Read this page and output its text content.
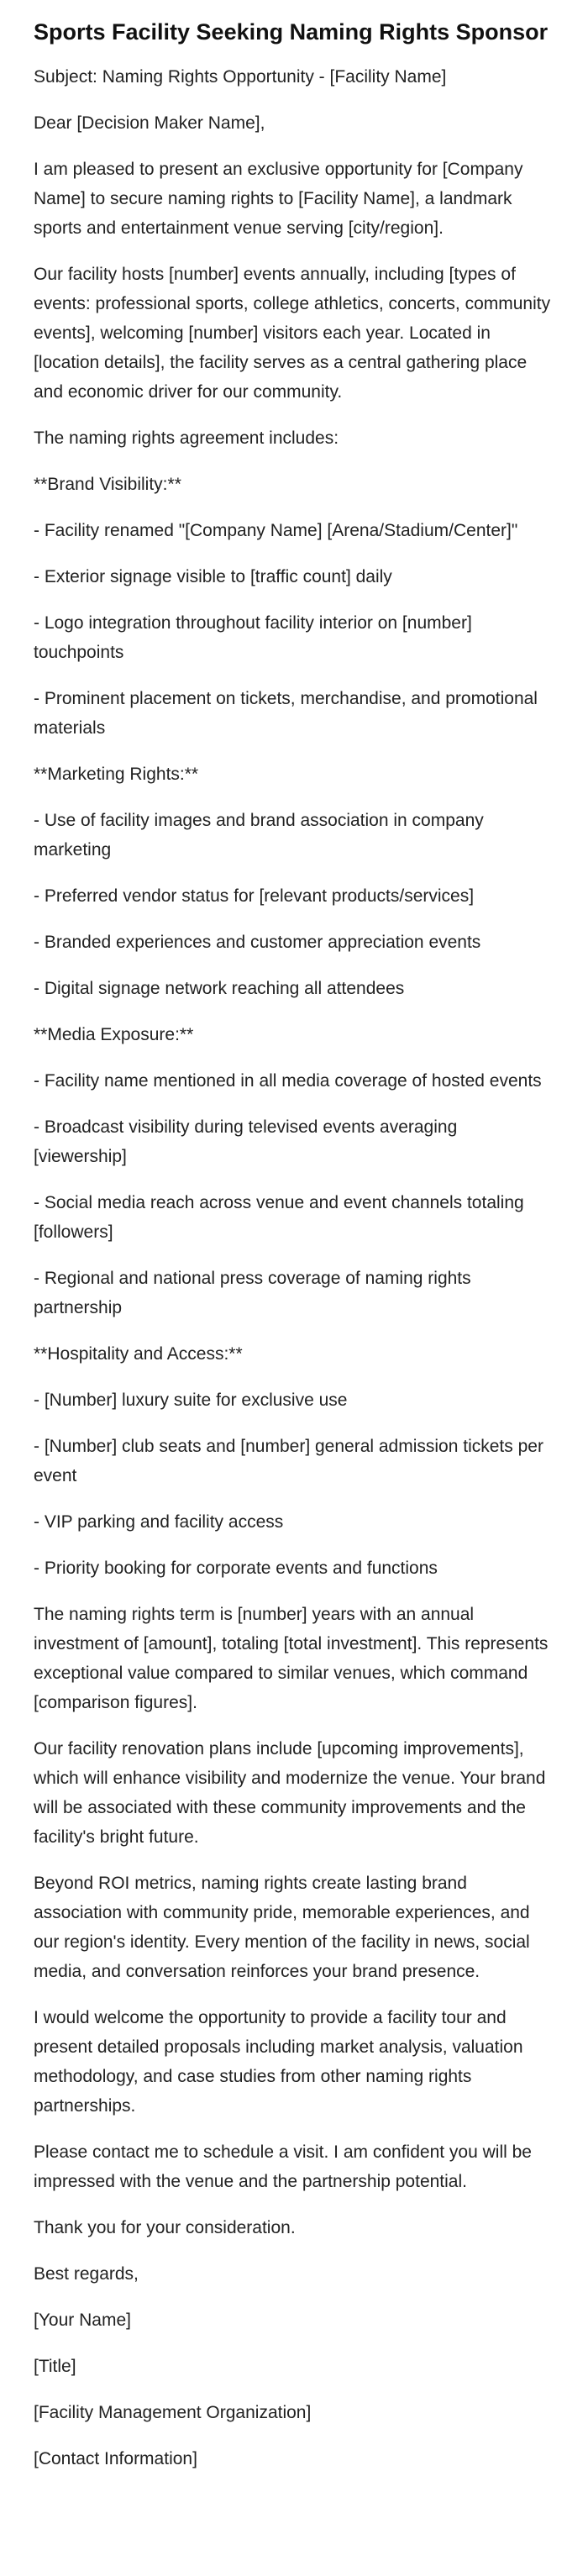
Sports Facility Seeking Naming Rights Sponsor

Subject: Naming Rights Opportunity - [Facility Name]

Dear [Decision Maker Name],

I am pleased to present an exclusive opportunity for [Company Name] to secure naming rights to [Facility Name], a landmark sports and entertainment venue serving [city/region].

Our facility hosts [number] events annually, including [types of events: professional sports, college athletics, concerts, community events], welcoming [number] visitors each year. Located in [location details], the facility serves as a central gathering place and economic driver for our community.

The naming rights agreement includes:

**Brand Visibility:**

- Facility renamed "[Company Name] [Arena/Stadium/Center]"

- Exterior signage visible to [traffic count] daily

- Logo integration throughout facility interior on [number] touchpoints

- Prominent placement on tickets, merchandise, and promotional materials

**Marketing Rights:**

- Use of facility images and brand association in company marketing

- Preferred vendor status for [relevant products/services]

- Branded experiences and customer appreciation events

- Digital signage network reaching all attendees

**Media Exposure:**

- Facility name mentioned in all media coverage of hosted events

- Broadcast visibility during televised events averaging [viewership]

- Social media reach across venue and event channels totaling [followers]

- Regional and national press coverage of naming rights partnership

**Hospitality and Access:**

- [Number] luxury suite for exclusive use

- [Number] club seats and [number] general admission tickets per event

- VIP parking and facility access

- Priority booking for corporate events and functions

The naming rights term is [number] years with an annual investment of [amount], totaling [total investment]. This represents exceptional value compared to similar venues, which command [comparison figures].

Our facility renovation plans include [upcoming improvements], which will enhance visibility and modernize the venue. Your brand will be associated with these community improvements and the facility's bright future.

Beyond ROI metrics, naming rights create lasting brand association with community pride, memorable experiences, and our region's identity. Every mention of the facility in news, social media, and conversation reinforces your brand presence.

I would welcome the opportunity to provide a facility tour and present detailed proposals including market analysis, valuation methodology, and case studies from other naming rights partnerships.

Please contact me to schedule a visit. I am confident you will be impressed with the venue and the partnership potential.

Thank you for your consideration.

Best regards,

[Your Name]

[Title]

[Facility Management Organization]

[Contact Information]
